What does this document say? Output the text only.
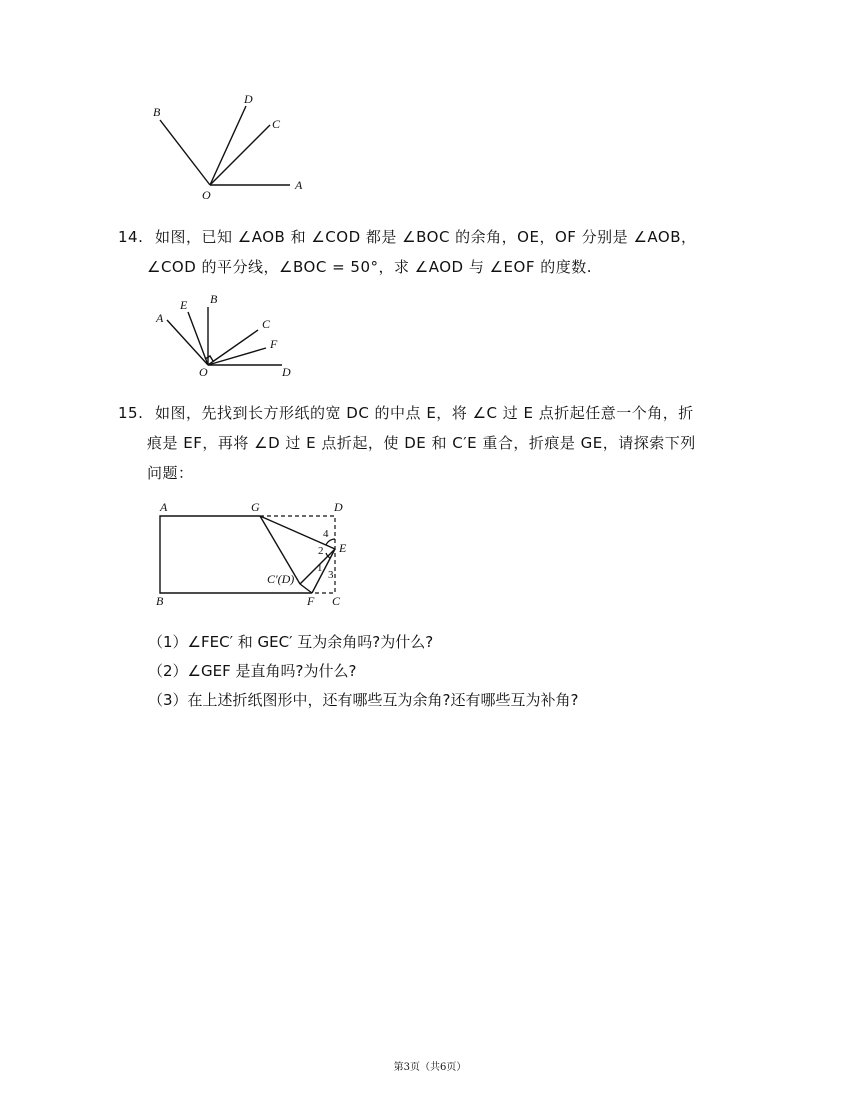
B
D
C
O
A
14. 如图，已知 ∠AOB 和 ∠COD 都是 ∠BOC 的余角，OE，OF 分别是 ∠AOB，
∠COD 的平分线，∠BOC = 50°，求 ∠AOD 与 ∠EOF 的度数.
A
E B
C
F
O	D
15. 如图，先找到长方形纸的宽 DC 的中点 E，将 ∠C 过 E 点折起任意一个角，折
痕是 EF，再将 ∠D 过 E 点折起，使 DE 和 C′E 重合，折痕是 GE，请探索下列
问题：
A	G	D
E
B	F C
C′(D)
4
2
1
3
（1）∠FEC′ 和 GEC′ 互为余角吗?为什么?
（2）∠GEF 是直角吗?为什么?
（3）在上述折纸图形中，还有哪些互为余角?还有哪些互为补角?
第3页（共6页）
